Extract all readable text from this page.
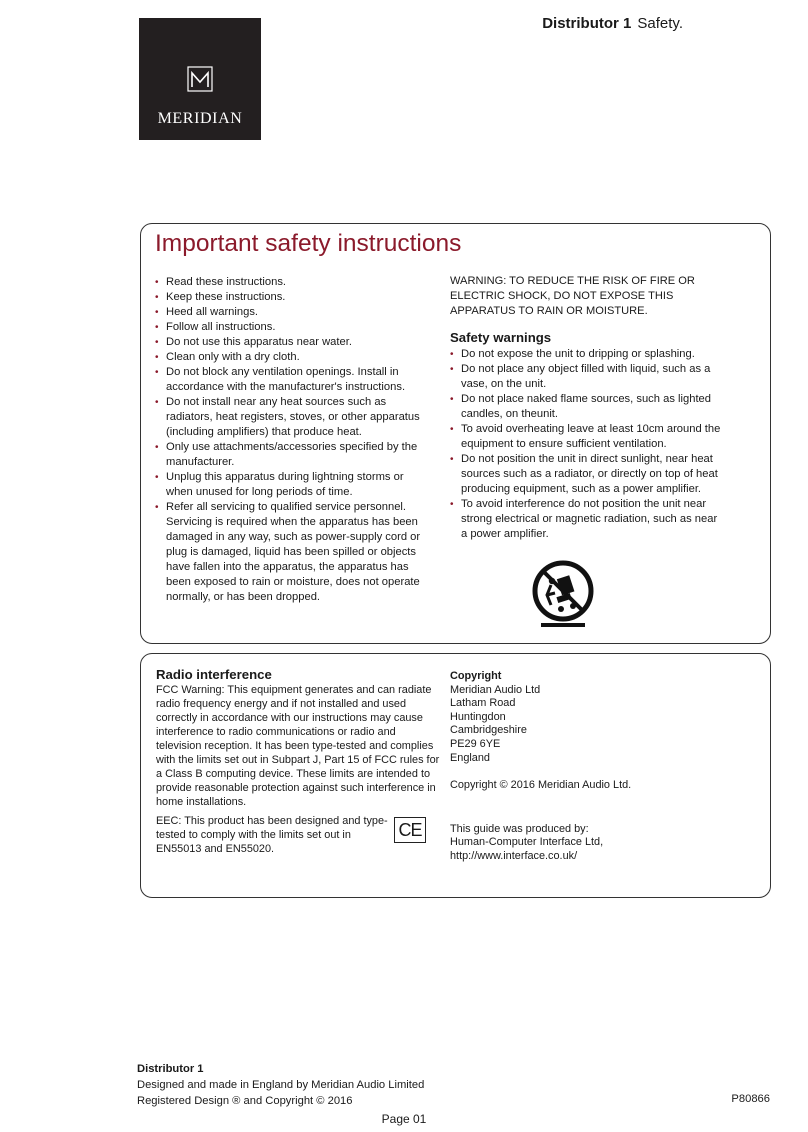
MERIDIAN
Distributor 1 Safety.
Important safety instructions
• Read these instructions.
• Keep these instructions.
• Heed all warnings.
• Follow all instructions.
• Do not use this apparatus near water.
• Clean only with a dry cloth.
• Do not block any ventilation openings. Install in accordance with the manufacturer's instructions.
• Do not install near any heat sources such as radiators, heat registers, stoves, or other apparatus (including amplifiers) that produce heat.
• Only use attachments/accessories specified by the manufacturer.
• Unplug this apparatus during lightning storms or when unused for long periods of time.
• Refer all servicing to qualified service personnel. Servicing is required when the apparatus has been damaged in any way, such as power-supply cord or plug is damaged, liquid has been spilled or objects have fallen into the apparatus, the apparatus has been exposed to rain or moisture, does not operate normally, or has been dropped.
WARNING: TO REDUCE THE RISK OF FIRE OR ELECTRIC SHOCK, DO NOT EXPOSE THIS APPARATUS TO RAIN OR MOISTURE.
Safety warnings
• Do not expose the unit to dripping or splashing.
• Do not place any object filled with liquid, such as a vase, on the unit.
• Do not place naked flame sources, such as lighted candles, on theunit.
• To avoid overheating leave at least 10cm around the equipment to ensure sufficient ventilation.
• Do not position the unit in direct sunlight, near heat sources such as a radiator, or directly on top of heat producing equipment, such as a power amplifier.
• To avoid interference do not position the unit near strong electrical or magnetic radiation, such as near a power amplifier.
Radio interference

FCC Warning: This equipment generates and can radiate radio frequency energy and if not installed and used correctly in accordance with our instructions may cause interference to radio communications or radio and television reception. It has been type-tested and complies with the limits set out in Subpart J, Part 15 of FCC rules for a Class B computing device. These limits are intended to provide reasonable protection against such interference in home installations.

EEC: This product has been designed and type-tested to comply with the limits set out in EN55013 and EN55020.
CE
Copyright
Meridian Audio Ltd
Latham Road
Huntingdon
Cambridgeshire
PE29 6YE
England
Copyright © 2016 Meridian Audio Ltd.
This guide was produced by:
Human-Computer Interface Ltd,
http://www.interface.co.uk/
Distributor 1
Designed and made in England by Meridian Audio Limited
Registered Design ® and Copyright © 2016	P80866
Page 01
